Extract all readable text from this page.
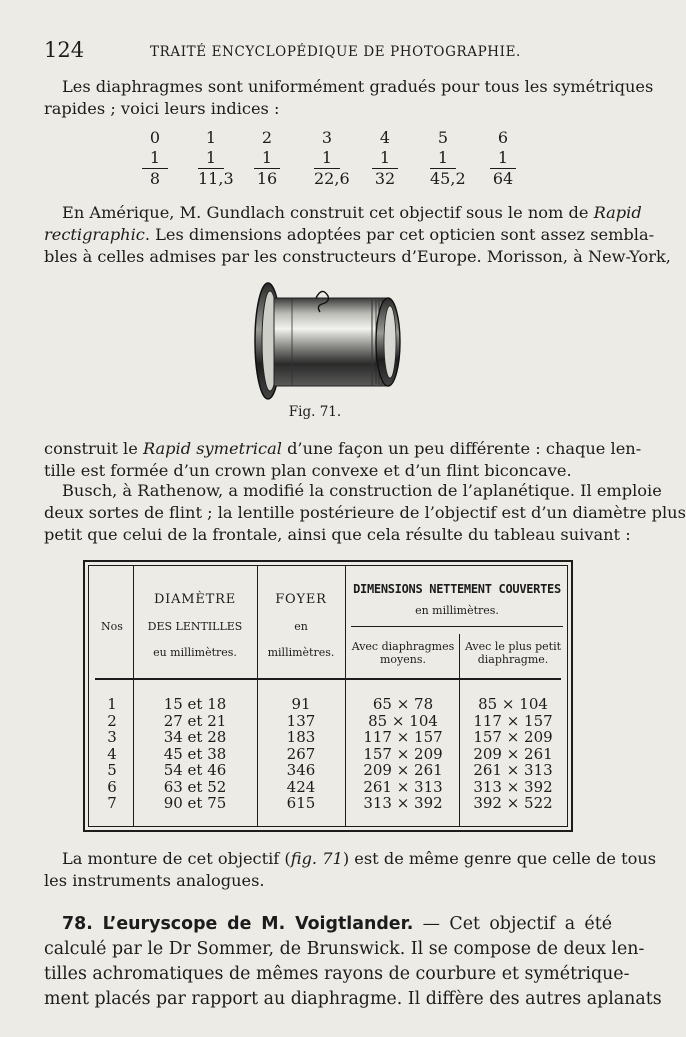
124	TRAITÉ ENCYCLOPÉDIQUE DE PHOTOGRAPHIE.
Les diaphragmes sont uniformément gradués pour tous les symétriques
rapides ; voici leurs indices :
0
1
8
1
1
11,3
2
1
16
3
1
22,6
4
1
32
5
1
45,2
6
1
64
En Amérique, M. Gundlach construit cet objectif sous le nom de Rapid
rectigraphic. Les dimensions adoptées par cet opticien sont assez sembla-
bles à celles admises par les constructeurs d’Europe. Morisson, à New-York,
Fig. 71.
construit le Rapid symetrical d’une façon un peu différente : chaque len-
tille est formée d’un crown plan convexe et d’un flint biconcave.
Busch, à Rathenow, a modifié la construction de l’aplanétique. Il emploie
deux sortes de flint ; la lentille postérieure de l’objectif est d’un diamètre plus
petit que celui de la frontale, ainsi que cela résulte du tableau suivant :
Nos
DIAMÈTRE
DES LENTILLES
eu millimètres.
FOYER
en
millimètres.
DIMENSIONS NETTEMENT COUVERTES
en millimètres.
Avec diaphragmes
moyens.
Avec le plus petit
diaphragme.
1
2
3
4
5
6
7
15 et 18
27 et 21
34 et 28
45 et 38
54 et 46
63 et 52
90 et 75
91
137
183
267
346
424
615
65 × 78
85 × 104
117 × 157
157 × 209
209 × 261
261 × 313
313 × 392
85 × 104
117 × 157
157 × 209
209 × 261
261 × 313
313 × 392
392 × 522
La monture de cet objectif (fig. 71) est de même genre que celle de tous
les instruments analogues.
78. L’euryscope de M. Voigtlander. — Cet objectif a été
calculé par le Dr Sommer, de Brunswick. Il se compose de deux len-
tilles achromatiques de mêmes rayons de courbure et symétrique-
ment placés par rapport au diaphragme. Il diffère des autres aplanats
